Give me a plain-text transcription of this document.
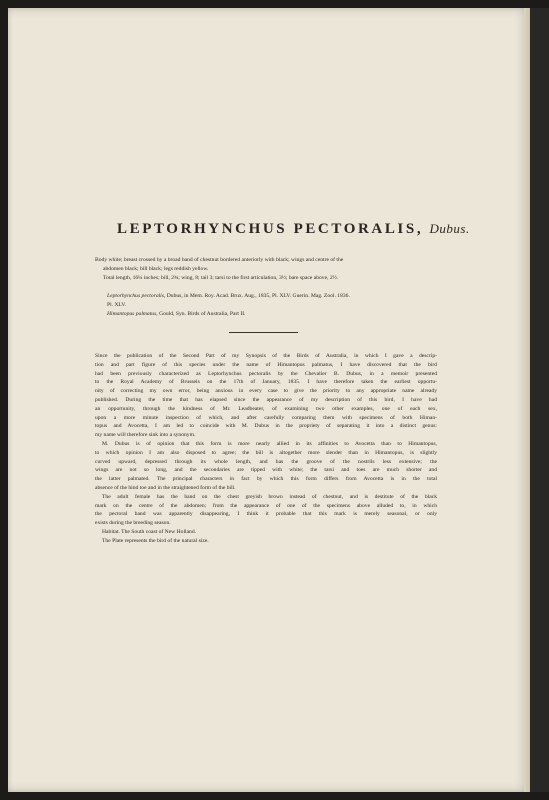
LEPTORHYNCHUS PECTORALIS, Dubus.
Body white; breast crossed by a broad band of chestnut bordered anteriorly with black; wings and centre of the
abdomen black; bill black; legs reddish yellow.
Total length, 16¼ inches; bill, 2¾; wing, 8; tail 3; tarsi to the first articulation, 3½; bare space above, 2½.
Leptorhynchus pectoralis, Dubus, in Mem. Roy. Acad. Brux. Aug., 1835, Pl. XLV. Guerin. Mag. Zool. 1836.
Pl. XLV.
Himantopus palmatus, Gould, Syn. Birds of Australia, Part II.
Since the publication of the Second Part of my Synopsis of the Birds of Australia, in which I gave a descrip-
tion and part figure of this species under the name of Himantopus palmatus, I have discovered that the bird
had been previously characterized as Leptorhynchus pectoralis by the Chevalier B. Dubus, in a memoir presented
to the Royal Academy of Brussels on the 17th of January, 1835. I have therefore taken the earliest opportu-
nity of correcting my own error, being anxious in every case to give the priority to any appropriate name already
published. During the time that has elapsed since the appearance of my description of this bird, I have had
an opportunity, through the kindness of Mr. Leadbeater, of examining two other examples, one of each sex,
upon a more minute inspection of which, and after carefully comparing them with specimens of both Himan-
topus and Avocetta, I am led to coincide with M. Dubus in the propriety of separating it into a distinct genus:
my name will therefore sink into a synonym.
M. Dubus is of opinion that this form is more nearly allied in its affinities to Avocetta than to Himantopus,
to which opinion I am also disposed to agree; the bill is altogether more slender than in Himantopus, is slightly
curved upward, depressed through its whole length, and has the groove of the nostrils less extensive; the
wings are not so long, and the secondaries are tipped with white; the tarsi and toes are much shorter and
the latter palmated. The principal characters in fact by which this form differs from Avocetta is in the total
absence of the hind toe and in the straightened form of the bill.
The adult female has the band on the chest greyish brown instead of chestnut, and is destitute of the black
mark on the centre of the abdomen; from the appearance of one of the specimens above alluded to, in which
the pectoral band was apparently disappearing, I think it probable that this mark is merely seasonal, or only
exists during the breeding season.
Habitat. The South coast of New Holland.
The Plate represents the bird of the natural size.
